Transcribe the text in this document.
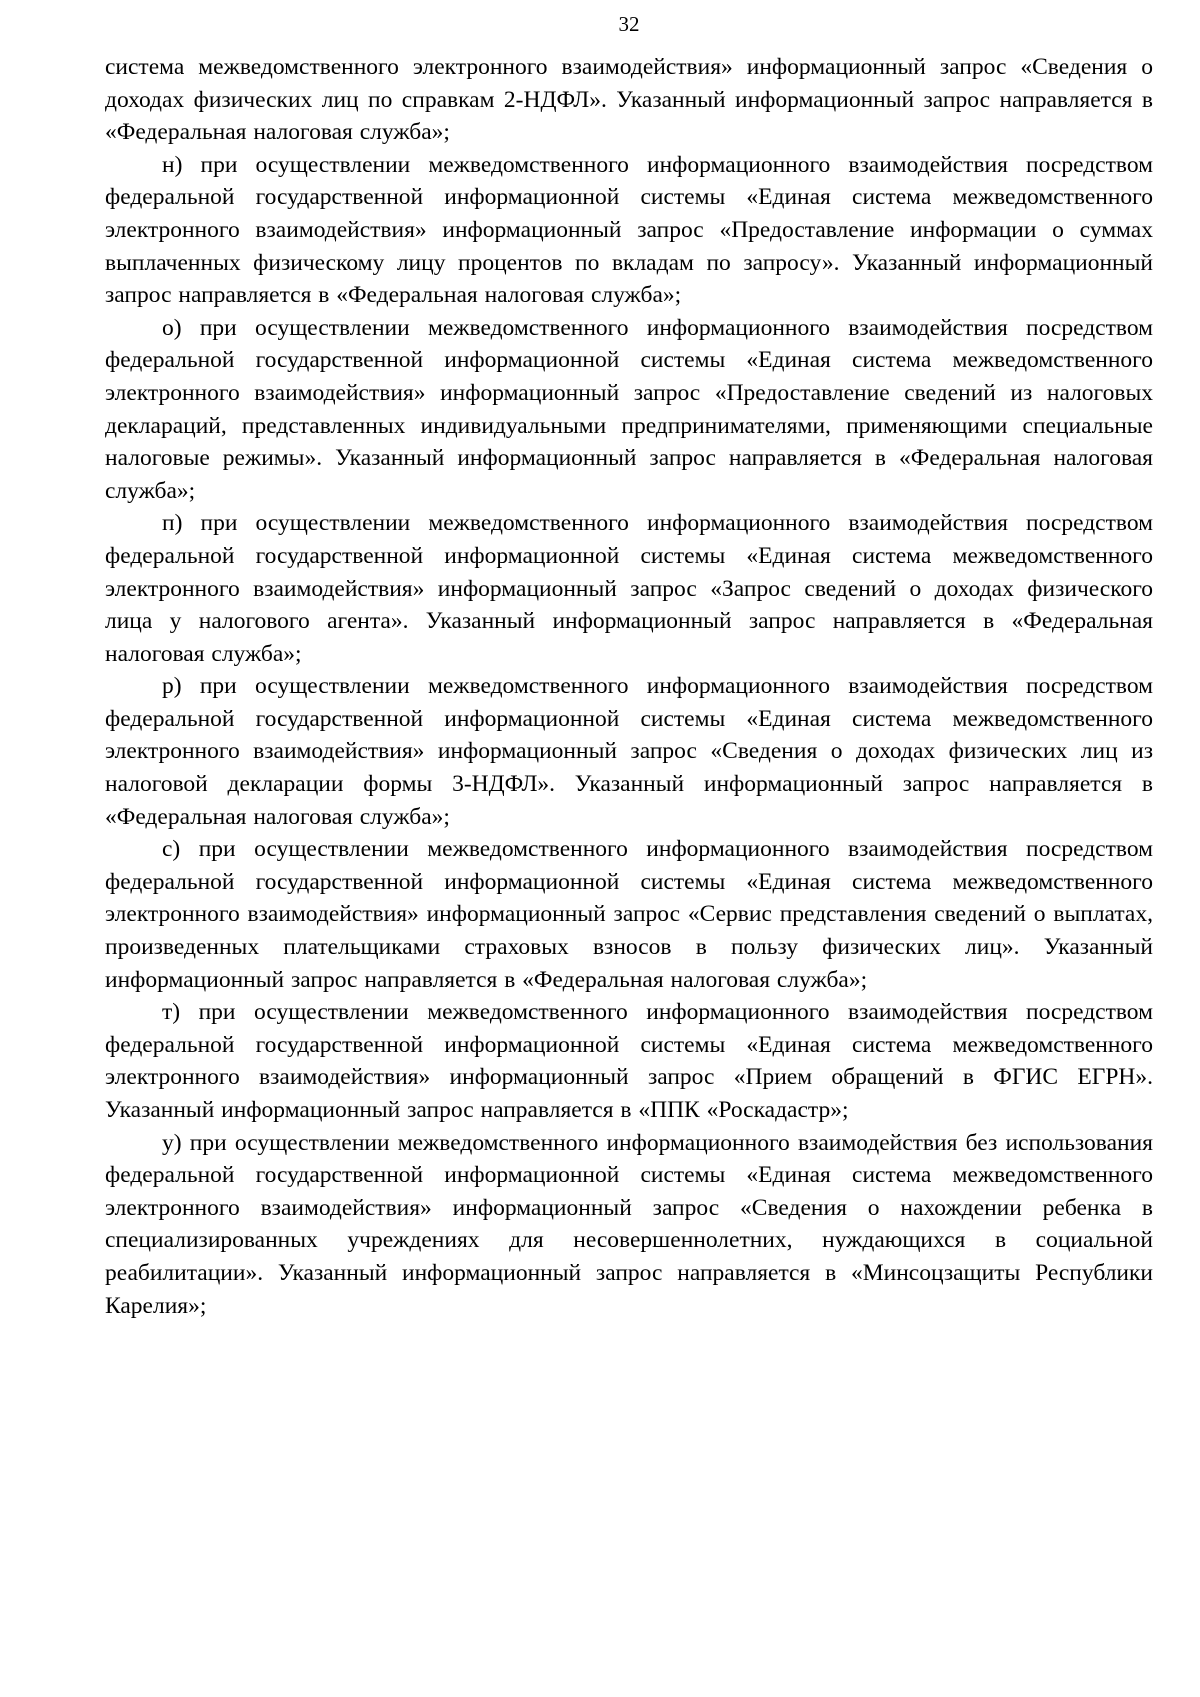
32

система межведомственного электронного взаимодействия» информационный запрос «Сведения о доходах физических лиц по справкам 2-НДФЛ». Указанный информационный запрос направляется в «Федеральная налоговая служба»;

н) при осуществлении межведомственного информационного взаимодействия посредством федеральной государственной информационной системы «Единая система межведомственного электронного взаимодействия» информационный запрос «Предоставление информации о суммах выплаченных физическому лицу процентов по вкладам по запросу». Указанный информационный запрос направляется в «Федеральная налоговая служба»;

о) при осуществлении межведомственного информационного взаимодействия посредством федеральной государственной информационной системы «Единая система межведомственного электронного взаимодействия» информационный запрос «Предоставление сведений из налоговых деклараций, представленных индивидуальными предпринимателями, применяющими специальные налоговые режимы». Указанный информационный запрос направляется в «Федеральная налоговая служба»;

п) при осуществлении межведомственного информационного взаимодействия посредством федеральной государственной информационной системы «Единая система межведомственного электронного взаимодействия» информационный запрос «Запрос сведений о доходах физического лица у налогового агента». Указанный информационный запрос направляется в «Федеральная налоговая служба»;

р) при осуществлении межведомственного информационного взаимодействия посредством федеральной государственной информационной системы «Единая система межведомственного электронного взаимодействия» информационный запрос «Сведения о доходах физических лиц из налоговой декларации формы 3-НДФЛ». Указанный информационный запрос направляется в «Федеральная налоговая служба»;

с) при осуществлении межведомственного информационного взаимодействия посредством федеральной государственной информационной системы «Единая система межведомственного электронного взаимодействия» информационный запрос «Сервис представления сведений о выплатах, произведенных плательщиками страховых взносов в пользу физических лиц». Указанный информационный запрос направляется в «Федеральная налоговая служба»;

т) при осуществлении межведомственного информационного взаимодействия посредством федеральной государственной информационной системы «Единая система межведомственного электронного взаимодействия» информационный запрос «Прием обращений в ФГИС ЕГРН». Указанный информационный запрос направляется в «ППК «Роскадастр»;

у) при осуществлении межведомственного информационного взаимодействия без использования федеральной государственной информационной системы «Единая система межведомственного электронного взаимодействия» информационный запрос «Сведения о нахождении ребенка в специализированных учреждениях для несовершеннолетних, нуждающихся в социальной реабилитации». Указанный информационный запрос направляется в «Минсоцзащиты Республики Карелия»;
